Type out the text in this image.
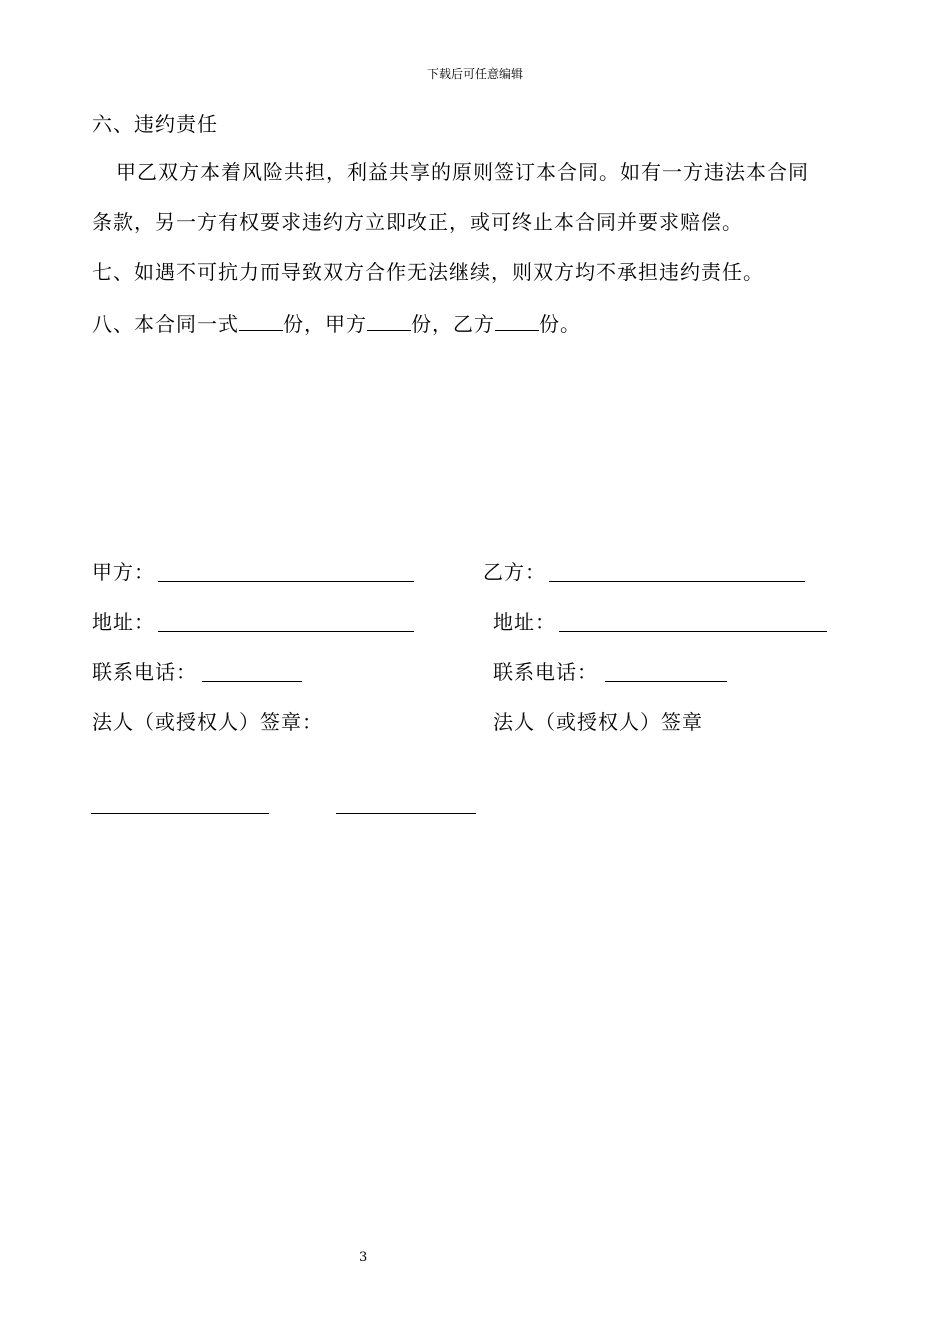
下载后可任意编辑
六、违约责任
甲乙双方本着风险共担，利益共享的原则签订本合同。如有一方违法本合同
条款，另一方有权要求违约方立即改正，或可终止本合同并要求赔偿。
七、如遇不可抗力而导致双方合作无法继续，则双方均不承担违约责任。
八、本合同一式 份，甲方 份，乙方 份。
甲方：	乙方：
地址：	地址：
联系电话：	联系电话：
法人（或授权人）签章：	法人（或授权人）签章
3
